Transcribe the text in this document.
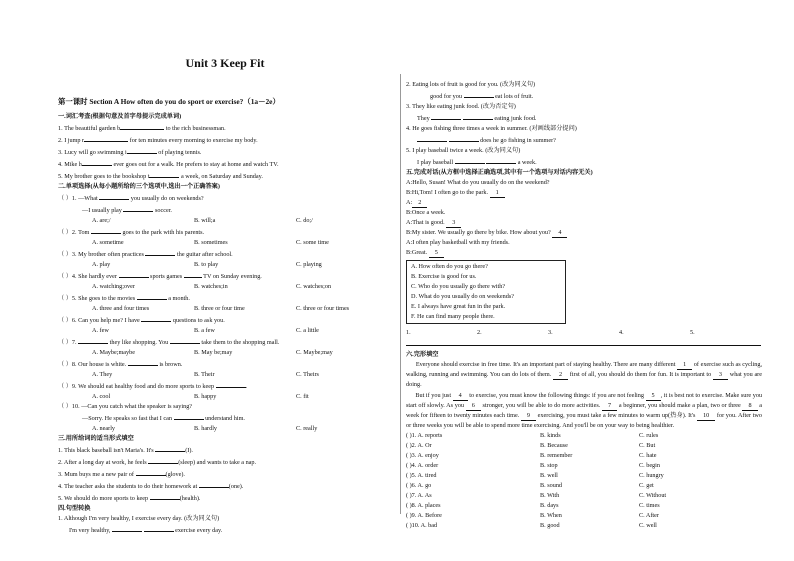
Unit 3 Keep Fit
第一课时 Section A How often do you do sport or exercise?（1a－2e）
一.词汇考查(根据句意及首字母提示完成单词)
1. The beautiful garden b	to the rich businessman.
2. I jump r	for ten minutes every morning to exercise my body.
3. Lucy will go swimming i	of playing tennis.
4. Mike h	ever goes out for a walk. He prefers to stay at home and watch TV.
5. My brother goes to the bookshop t	a week, on Saturday and Sunday.
二.单项选择(从每小题所给的三个选项中,选出一个正确答案)
（ ）1. —What	you usually do on weekends?
—I usually play	soccer.
A. are;/	B. will;a	C. do;/
（ ）2. Tom	goes to the park with his parents.
A. sometime	B. sometimes	C. some time
（ ）3. My brother often practices	the guitar after school.
A. play	B. to play	C. playing
（ ）4. She hardly ever	sports games	TV on Sunday evening.
A. watching;over	B. watches;in	C. watches;on
（ ）5. She goes to the movies	a month.
A. three and four times	B. three or four time	C. three or four times
（ ）6. Can you help me? I have	questions to ask you.
A. few	B. a few	C. a little
（ ）7.	they like shopping. You	take them to the shopping mall.
A. Maybe;maybe	B. May be;may	C. Maybe;may
（ ）8. Our house is white.	is brown.
A. They	B. Their	C. Theirs
（ ）9. We should eat healthy food and do more sports to keep	.
A. cool	B. happy	C. fit
（ ）10. —Can you catch what the speaker is saying?
—Sorry. He speaks so fast that I can	understand him.
A. nearly	B. hardly	C. really
三.用所给词的适当形式填空
1. This black baseball isn't Maria's. It's	(I).
2. After a long day at work, he feels	(sleep) and wants to take a nap.
3. Mum buys me a new pair of	(glove).
4. The teacher asks the students to do their homework at	(one).
5. We should do more sports to keep	(health).
四.句型转换
1. Although I'm very healthy, I exercise every day. (改为同义句)
I'm very healthy,	exercise every day.
2. Eating lots of fruit is good for you. (改为同义句)
good for you	eat lots of fruit.
3. They like eating junk food. (改为否定句)
They	eating junk food.
4. He goes fishing three times a week in summer. (对画线部分提问)
does he go fishing in summer?
5. I play baseball twice a week. (改为同义句)
I play baseball	a week.
五.完成对话(从方框中选择正确选项,其中有一个选项与对话内容无关)
A:Hello, Susan! What do you usually do on the weekend?
B:Hi,Tom! I often go to the park. 1
A: 2
B:Once a week.
A:That is good. 3
B:My sister. We usually go there by bike. How about you? 4
A:I often play basketball with my friends.
B:Great. 5
A. How often do you go there?
B. Exercise is good for us.
C. Who do you usually go there with?
D. What do you usually do on weekends?
E. I always have great fun in the park.
F. He can find many people there.
1.	2.	3.	4.	5.
六.完形填空
Everyone should exercise in free time. It's an important part of staying healthy. There are many different 1 of exercise such as cycling, walking, running and swimming. You can do lots of them. 2 first of all, you should do them for fun. It is important to 3 what you are doing.
But if you just 4 to exercise, you must know the following things: if you are not feeling 5 , it is best not to exercise. Make sure you start off slowly. As you 6 stronger, you will be able to do more activities. 7 a beginner, you should make a plan, two or three 8 a week for fifteen to twenty minutes each time. 9 exercising, you must take a few minutes to warm up(热身). It's 10 for you. After two or three weeks you will be able to spend more time exercising. And you'll be on your way to being healthier.
( )1. A. reports	B. kinds	C. rules
( )2. A. Or	B. Because	C. But
( )3. A. enjoy	B. remember	C. hate
( )4. A. order	B. stop	C. begin
( )5. A. tired	B. well	C. hungry
( )6. A. go	B. sound	C. get
( )7. A. As	B. With	C. Without
( )8. A. places	B. days	C. times
( )9. A. Before	B. When	C. After
( )10. A. bad	B. good	C. well
